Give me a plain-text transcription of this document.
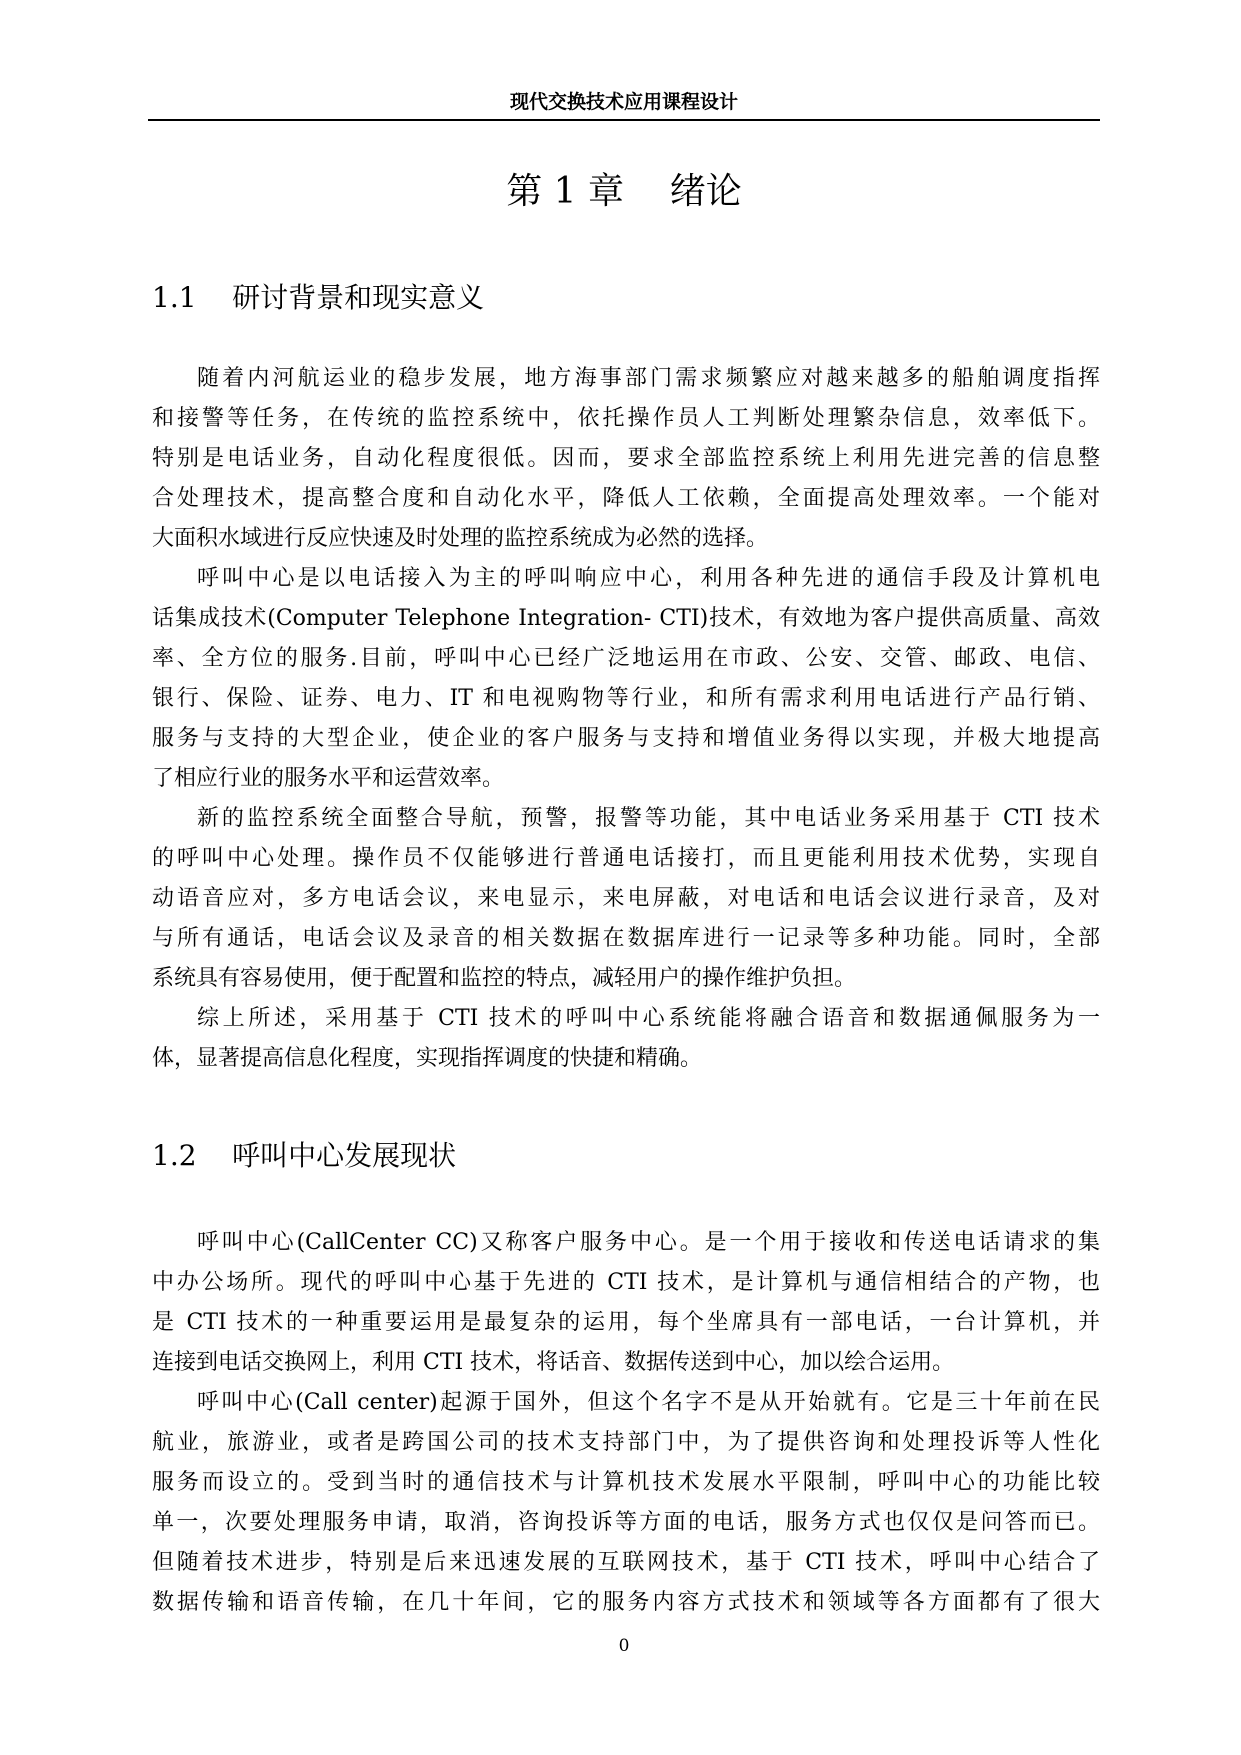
现代交换技术应用课程设计
第 1 章    绪论
1.1    研讨背景和现实意义
随着内河航运业的稳步发展，地方海事部门需求频繁应对越来越多的船舶调度指挥
和接警等任务，在传统的监控系统中，依托操作员人工判断处理繁杂信息，效率低下。
特别是电话业务，自动化程度很低。因而，要求全部监控系统上利用先进完善的信息整
合处理技术，提高整合度和自动化水平，降低人工依赖，全面提高处理效率。一个能对
大面积水域进行反应快速及时处理的监控系统成为必然的选择。
呼叫中心是以电话接入为主的呼叫响应中心，利用各种先进的通信手段及计算机电
话集成技术(Computer Telephone Integration- CTI)技术，有效地为客户提供高质量、高效
率、全方位的服务.目前，呼叫中心已经广泛地运用在市政、公安、交管、邮政、电信、
银行、保险、证券、电力、IT 和电视购物等行业，和所有需求利用电话进行产品行销、
服务与支持的大型企业，使企业的客户服务与支持和增值业务得以实现，并极大地提高
了相应行业的服务水平和运营效率。
新的监控系统全面整合导航，预警，报警等功能，其中电话业务采用基于 CTI 技术
的呼叫中心处理。操作员不仅能够进行普通电话接打，而且更能利用技术优势，实现自
动语音应对，多方电话会议，来电显示，来电屏蔽，对电话和电话会议进行录音，及对
与所有通话，电话会议及录音的相关数据在数据库进行一记录等多种功能。同时，全部
系统具有容易使用，便于配置和监控的特点，减轻用户的操作维护负担。
综上所述，采用基于 CTI 技术的呼叫中心系统能将融合语音和数据通佩服务为一
体，显著提高信息化程度，实现指挥调度的快捷和精确。
1.2    呼叫中心发展现状
呼叫中心(CallCenter CC)又称客户服务中心。是一个用于接收和传送电话请求的集
中办公场所。现代的呼叫中心基于先进的 CTI 技术，是计算机与通信相结合的产物，也
是 CTI 技术的一种重要运用是最复杂的运用，每个坐席具有一部电话，一台计算机，并
连接到电话交换网上，利用 CTI 技术，将话音、数据传送到中心，加以绘合运用。
呼叫中心(Call center)起源于国外，但这个名字不是从开始就有。它是三十年前在民
航业，旅游业，或者是跨国公司的技术支持部门中，为了提供咨询和处理投诉等人性化
服务而设立的。受到当时的通信技术与计算机技术发展水平限制，呼叫中心的功能比较
单一，次要处理服务申请，取消，咨询投诉等方面的电话，服务方式也仅仅是问答而已。
但随着技术进步，特别是后来迅速发展的互联网技术，基于 CTI 技术，呼叫中心结合了
数据传输和语音传输，在几十年间，它的服务内容方式技术和领域等各方面都有了很大
0
